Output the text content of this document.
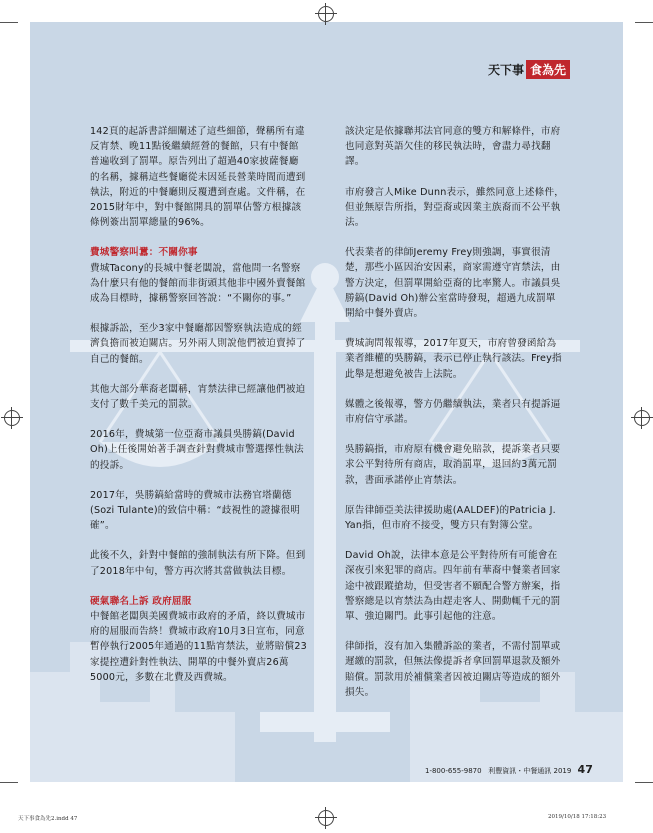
天下事 食為先

142頁的起訴書詳細闡述了這些細節，聲稱所有違反宵禁、晚11點後繼續經營的餐館，只有中餐館普遍收到了罰單。原告列出了超過40家披薩餐廳的名稱，據稱這些餐廳從未因延長營業時間而遭到執法，附近的中餐廳則反覆遭到查處。文件稱，在2015財年中，對中餐館開具的罰單佔警方根據該條例簽出罰單總量的96%。

費城警察叫囂：不關你事

費城Tacony的長城中餐老闆說，當他問一名警察為什麼只有他的餐館而非街頭其他非中國外賣餐館成為目標時，據稱警察回答說：“不關你的事。”

根據訴訟，至少3家中餐廳都因警察執法造成的經濟負擔而被迫關店。另外兩人則說他們被迫賣掉了自己的餐館。

其他大部分華裔老闆稱，宵禁法律已經讓他們被迫支付了數千美元的罰款。

2016年，費城第一位亞裔市議員吳勝鎬(David Oh)上任後開始著手調查針對費城市警選擇性執法的投訴。

2017年，吳勝鎬給當時的費城市法務官塔蘭德(Sozi Tulante)的致信中稱：“歧視性的證據很明確”。

此後不久，針對中餐館的強制執法有所下降。但到了2018年中旬，警方再次將其當做執法目標。

硬氣聯名上訴 政府屈服

中餐館老闆與美國費城市政府的矛盾，終以費城市府的屈服而告終！費城市政府10月3日宣布，同意暫停執行2005年通過的11點宵禁法，並將賠償23家提控遭針對性執法、開單的中餐外賣店26萬5000元，多數在北費及西費城。

該決定是依據聯邦法官同意的雙方和解條件，市府也同意對英語欠佳的移民執法時，會盡力尋找翻譯。

市府發言人Mike Dunn表示，雖然同意上述條件，但並無原告所指，對亞裔或因業主族裔而不公平執法。

代表業者的律師Jeremy Frey則強調，事實很清楚，那些小區因治安因素，商家需遵守宵禁法，由警方決定，但罰單開給亞裔的比率驚人。市議員吳勝鎬(David Oh)辦公室當時發現，超過九成罰單開給中餐外賣店。

費城詢問報報導，2017年夏天，市府曾發函給為業者維權的吳勝鎬，表示已停止執行該法。Frey指此舉是想避免被告上法院。

媒體之後報導，警方仍繼續執法，業者只有提訴逼市府信守承諾。

吳勝鎬指，市府原有機會避免賠款，提訴業者只要求公平對待所有商店，取消罰單，退回約3萬元罰款，書面承諾停止宵禁法。

原告律師亞美法律援助處(AALDEF)的Patricia J. Yan指，但市府不接受，雙方只有對簿公堂。

David Oh說，法律本意是公平對待所有可能會在深夜引來犯罪的商店。四年前有華裔中餐業者回家途中被跟蹤搶劫，但受害者不願配合警方辦案，指警察總是以宵禁法為由趕走客人、開動輒千元的罰單、強迫關門。此事引起他的注意。

律師指，沒有加入集體訴訟的業者，不需付罰單或遲繳的罰款，但無法像提訴者拿回罰單退款及額外賠償。罰款用於補償業者因被迫關店等造成的額外損失。

1-800-655-9870 利豐資訊・中餐通訊 2019 47
天下事食為先2.indd 47	2019/10/18 17:18:23
